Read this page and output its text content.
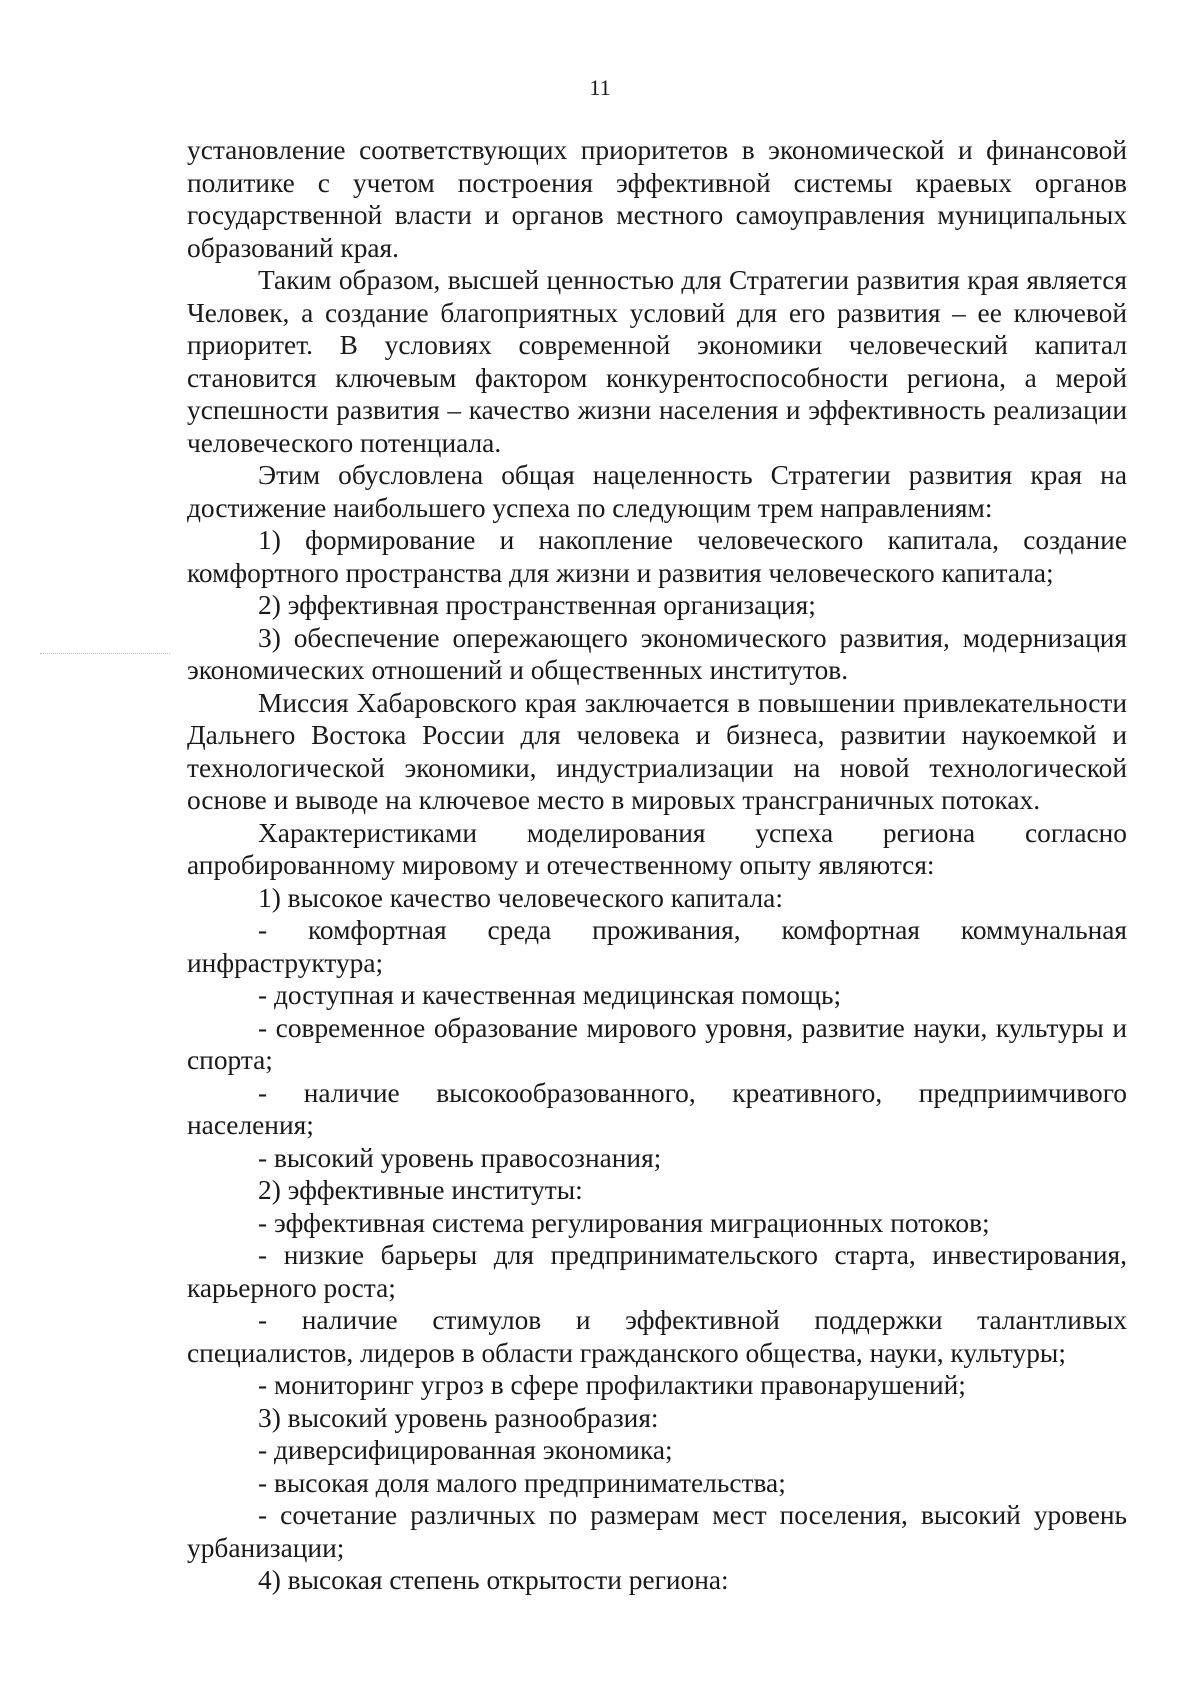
11

установление соответствующих приоритетов в экономической и финансовой политике с учетом построения эффективной системы краевых органов государственной власти и органов местного самоуправления муниципальных образований края.

Таким образом, высшей ценностью для Стратегии развития края является Человек, а создание благоприятных условий для его развития – ее ключевой приоритет. В условиях современной экономики человеческий капитал становится ключевым фактором конкурентоспособности региона, а мерой успешности развития – качество жизни населения и эффективность реализации человеческого потенциала.

Этим обусловлена общая нацеленность Стратегии развития края на достижение наибольшего успеха по следующим трем направлениям:

1) формирование и накопление человеческого капитала, создание комфортного пространства для жизни и развития человеческого капитала;

2) эффективная пространственная организация;

3) обеспечение опережающего экономического развития, модернизация экономических отношений и общественных институтов.

Миссия Хабаровского края заключается в повышении привлекательности Дальнего Востока России для человека и бизнеса, развитии наукоемкой и технологической экономики, индустриализации на новой технологической основе и выводе на ключевое место в мировых трансграничных потоках.

Характеристиками моделирования успеха региона согласно апробированному мировому и отечественному опыту являются:

1) высокое качество человеческого капитала:

- комфортная среда проживания, комфортная коммунальная инфраструктура;

- доступная и качественная медицинская помощь;

- современное образование мирового уровня, развитие науки, культуры и спорта;

- наличие высокообразованного, креативного, предприимчивого населения;

- высокий уровень правосознания;

2) эффективные институты:

- эффективная система регулирования миграционных потоков;

- низкие барьеры для предпринимательского старта, инвестирования, карьерного роста;

- наличие стимулов и эффективной поддержки талантливых специалистов, лидеров в области гражданского общества, науки, культуры;

- мониторинг угроз в сфере профилактики правонарушений;

3) высокий уровень разнообразия:

- диверсифицированная экономика;

- высокая доля малого предпринимательства;

- сочетание различных по размерам мест поселения, высокий уровень урбанизации;

4) высокая степень открытости региона:
